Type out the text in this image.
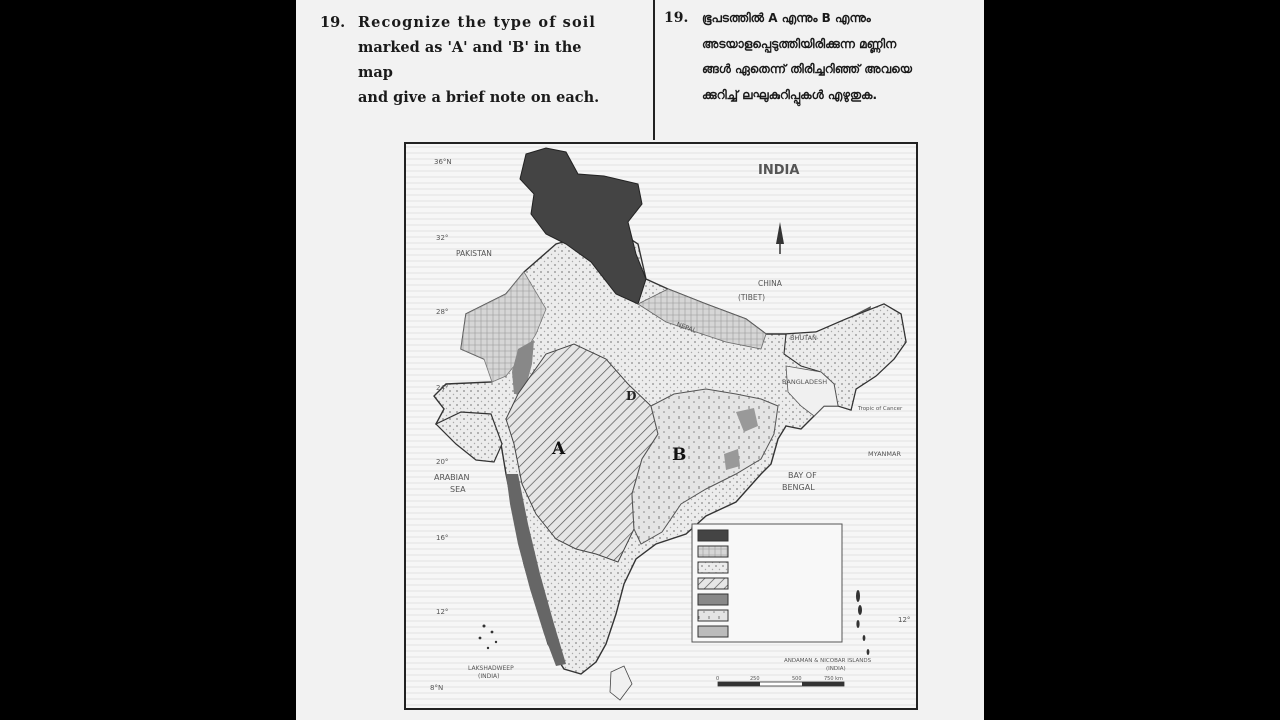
19. Recognize the type of soil
marked as 'A' and 'B' in the map
and give a brief note on each.
19. ഭൂപടത്തിൽ A എന്നും B എന്നും
അടയാളപ്പെടുത്തിയിരിക്കുന്ന മണ്ണിന
ങ്ങൾ ഏതെന്ന് തിരിച്ചറിഞ്ഞ് അവയെ
ക്കുറിച്ച് ലഘുകുറിപ്പുകൾ എഴുതുക.
A	B
D
INDIA
PAKISTAN
CHINA
(TIBET)
NEPAL
BHUTAN
BANGLADESH
MYANMAR
ARABIAN
SEA
BAY OF
BENGAL
Tropic of Cancer
36°N
32°
28°
24°
20°
16°
12°
8°N
12°
LAKSHADWEEP
(INDIA)
ANDAMAN & NICOBAR ISLANDS
(INDIA)
0	250	500	750 km
